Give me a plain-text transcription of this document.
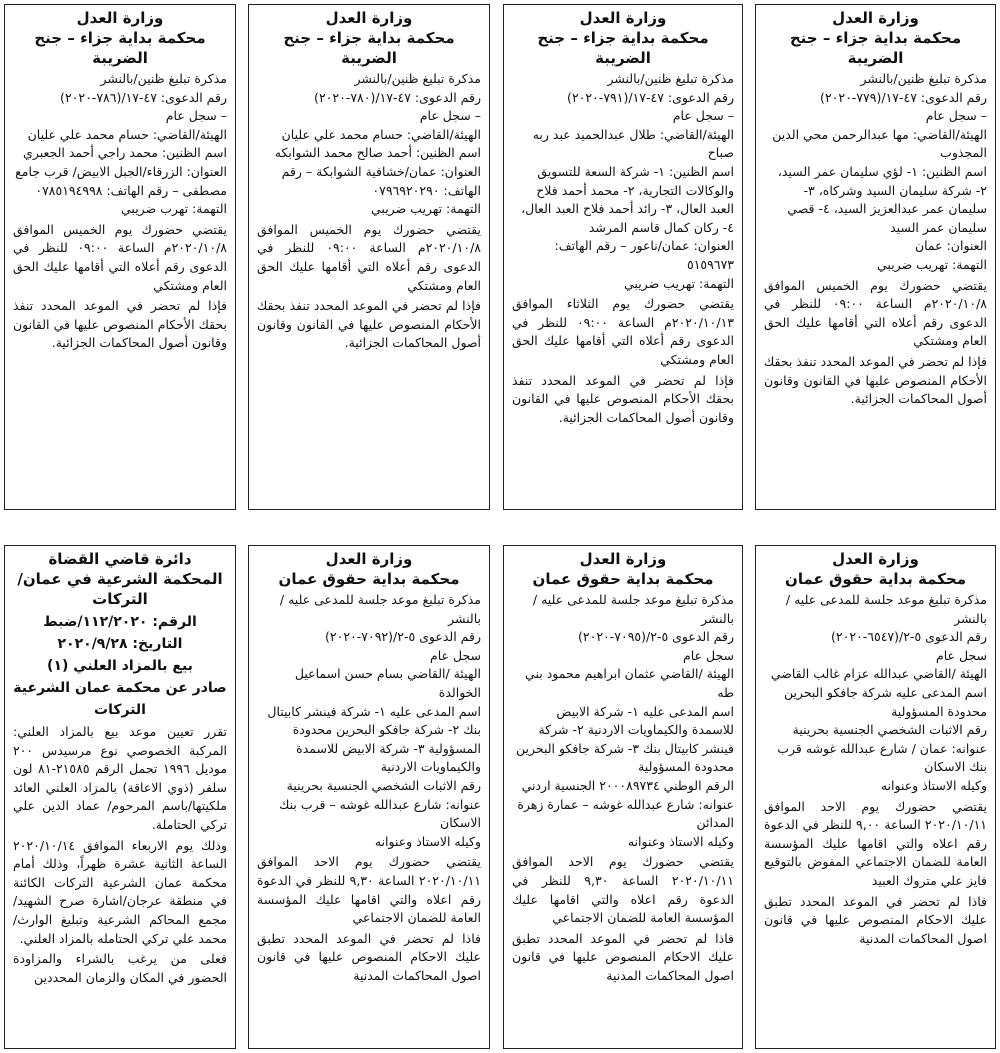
وزارة العدل
محكمة بداية جزاء – جنح الضريبة
مذكرة تبليغ ظنين/بالنشر
رقم الدعوى: ٤٧-١٧/(٧٧٩-٢٠٢٠)
– سجل عام
الهيئة/القاضي: مها عبدالرحمن محي الدين المجذوب
اسم الظنين: ١- لؤي سليمان عمر السيد، ٢- شركة سليمان السيد وشركاه، ٣- سليمان عمر عبدالعزيز السيد، ٤- قصي سليمان عمر السيد
العنوان: عمان
التهمة: تهريب ضريبي
يقتضي حضورك يوم الخميس الموافق ٢٠٢٠/١٠/٨م الساعة ٠٩:٠٠ للنظر في الدعوى رقم أعلاه التي أقامها عليك الحق العام ومشتكي
فإذا لم تحضر في الموعد المحدد تنفذ بحقك الأحكام المنصوص عليها في القانون وقانون أصول المحاكمات الجزائية.
وزارة العدل
محكمة بداية جزاء – جنح الضريبة
مذكرة تبليغ ظنين/بالنشر
رقم الدعوى: ٤٧-١٧/(٧٩١-٢٠٢٠)
– سجل عام
الهيئة/القاضي: طلال عبدالحميد عبد ربه صباح
اسم الظنين: ١- شركة السعة للتسويق والوكالات التجارية، ٢- محمد أحمد فلاح العبد العال، ٣- رائد أحمد فلاح العبد العال، ٤- ركان كمال قاسم المرشد
العنوان: عمان/ناعور – رقم الهاتف: ٥١٥٩٦٧٣
التهمة: تهريب ضريبي
يقتضي حضورك يوم الثلاثاء الموافق ٢٠٢٠/١٠/١٣م الساعة ٠٩:٠٠ للنظر في الدعوى رقم أعلاه التي أقامها عليك الحق العام ومشتكي
فإذا لم تحضر في الموعد المحدد تنفذ بحقك الأحكام المنصوص عليها في القانون وقانون أصول المحاكمات الجزائية.
وزارة العدل
محكمة بداية جزاء – جنح الضريبة
مذكرة تبليغ ظنين/بالنشر
رقم الدعوى: ٤٧-١٧/(٧٨٠-٢٠٢٠)
– سجل عام
الهيئة/القاضي: حسام محمد علي عليان
اسم الظنين: أحمد صالح محمد الشوابكه
العنوان: عمان/خشافية الشوابكة – رقم الهاتف: ٠٧٩٦٩٢٠٢٩٠
التهمة: تهريب ضريبي
يقتضي حضورك يوم الخميس الموافق ٢٠٢٠/١٠/٨م الساعة ٠٩:٠٠ للنظر في الدعوى رقم أعلاه التي أقامها عليك الحق العام ومشتكي
فإذا لم تحضر في الموعد المحدد تنفذ بحقك الأحكام المنصوص عليها في القانون وقانون أصول المحاكمات الجزائية.
وزارة العدل
محكمة بداية جزاء – جنح الضريبة
مذكرة تبليغ ظنين/بالنشر
رقم الدعوى: ٤٧-١٧/(٧٨٦-٢٠٢٠)
– سجل عام
الهيئة/القاضي: حسام محمد علي عليان
اسم الظنين: محمد راجي أحمد الجعبري
العنوان: الزرقاء/الجبل الابيض/ قرب جامع مصطفى – رقم الهاتف: ٠٧٨٥١٩٤٩٩٨
التهمة: تهرب ضريبي
يقتضي حضورك يوم الخميس الموافق ٢٠٢٠/١٠/٨م الساعة ٠٩:٠٠ للنظر في الدعوى رقم أعلاه التي أقامها عليك الحق العام ومشتكي
فإذا لم تحضر في الموعد المحدد تنفذ بحقك الأحكام المنصوص عليها في القانون وقانون أصول المحاكمات الجزائية.
وزارة العدل
محكمة بداية حقوق عمان
مذكرة تبليغ موعد جلسة للمدعى عليه /بالنشر
رقم الدعوى ٥-٢/(٦٥٤٧-٢٠٢٠)
سجل عام
الهيئة /القاضي عبدالله عزام غالب القاضي
اسم المدعى عليه شركة جافكو البحرين محدودة المسؤولية
رقم الاثبات الشخصي الجنسية بحرينية
عنوانه: عمان / شارع عبدالله غوشه قرب بنك الاسكان
وكيله الاستاذ وعنوانه
يقتضي حضورك يوم الاحد الموافق ٢٠٢٠/١٠/١١ الساعة ٩,٠٠ للنظر في الدعوة رقم اعلاه والتي اقامها عليك المؤسسة العامة للضمان الاجتماعي المفوض بالتوقيع فايز علي متروك العبيد
فاذا لم تحضر في الموعد المحدد تطبق عليك الاحكام المنصوص عليها في قانون اصول المحاكمات المدنية
وزارة العدل
محكمة بداية حقوق عمان
مذكرة تبليغ موعد جلسة للمدعى عليه /بالنشر
رقم الدعوى ٥-٢/(٧٠٩٥-٢٠٢٠)
سجل عام
الهيئة /القاضي عثمان ابراهيم محمود بني طه
اسم المدعى عليه ١- شركة الابيض للاسمدة والكيماويات الاردنية ٢- شركة فينشر كابيتال بنك ٣- شركة جافكو البحرين محدودة المسؤولية
الرقم الوطني ٢٠٠٠٨٩٧٣٤ الجنسية اردني
عنوانه: شارع عبدالله غوشه – عمارة زهرة المدائن
وكيله الاستاذ وعنوانه
يقتضي حضورك يوم الاحد الموافق ٢٠٢٠/١٠/١١ الساعة ٩,٣٠ للنظر في الدعوة رقم اعلاه والتي اقامها عليك المؤسسة العامة للضمان الاجتماعي
فاذا لم تحضر في الموعد المحدد تطبق عليك الاحكام المنصوص عليها في قانون اصول المحاكمات المدنية
وزارة العدل
محكمة بداية حقوق عمان
مذكرة تبليغ موعد جلسة للمدعى عليه /بالنشر
رقم الدعوى ٥-٢/(٧٠٩٢-٢٠٢٠)
سجل عام
الهيئة /القاضي بسام حسن اسماعيل الخوالدة
اسم المدعى عليه ١- شركة فينشر كابيتال بنك ٢- شركة جافكو البحرين محدودة المسؤولية ٣- شركة الابيض للاسمدة والكيماويات الاردنية
رقم الاثبات الشخصي الجنسية بحرينية
عنوانه: شارع عبدالله غوشه – قرب بنك الاسكان
وكيله الاستاذ وعنوانه
يقتضي حضورك يوم الاحد الموافق ٢٠٢٠/١٠/١١ الساعة ٩,٣٠ للنظر في الدعوة رقم اعلاه والتي اقامها عليك المؤسسة العامة للضمان الاجتماعي
فاذا لم تحضر في الموعد المحدد تطبق عليك الاحكام المنصوص عليها في قانون اصول المحاكمات المدنية
دائرة قاضي القضاة
المحكمة الشرعية في عمان/ التركات
الرقم: ١١٢/٢٠٢٠/ضبط
التاريخ: ٢٠٢٠/٩/٢٨
بيع بالمزاد العلني (١)
صادر عن محكمة عمان الشرعية التركات
تقرر تعيين موعد بيع بالمزاد العلني: المركبة الخصوصي نوع مرسيدس ٢٠٠ موديل ١٩٩٦ تحمل الرقم ٢١٥٨٥-٨١ لون سلفر (ذوي الاعاقة) بالمزاد العلني العائد ملكيتها/باسم المرحوم/ عماد الدين علي تركي الحتاملة.
وذلك يوم الاربعاء الموافق ٢٠٢٠/١٠/١٤ الساعة الثانية عشرة ظهراً، وذلك أمام محكمة عمان الشرعية التركات الكائنة في منطقة عرجان/اشارة صرح الشهيد/مجمع المحاكم الشرعية وتبليغ الوارث/محمد علي تركي الحتامله بالمزاد العلني.
فعلى من يرغب بالشراء والمزاودة الحضور في المكان والزمان المحددين
